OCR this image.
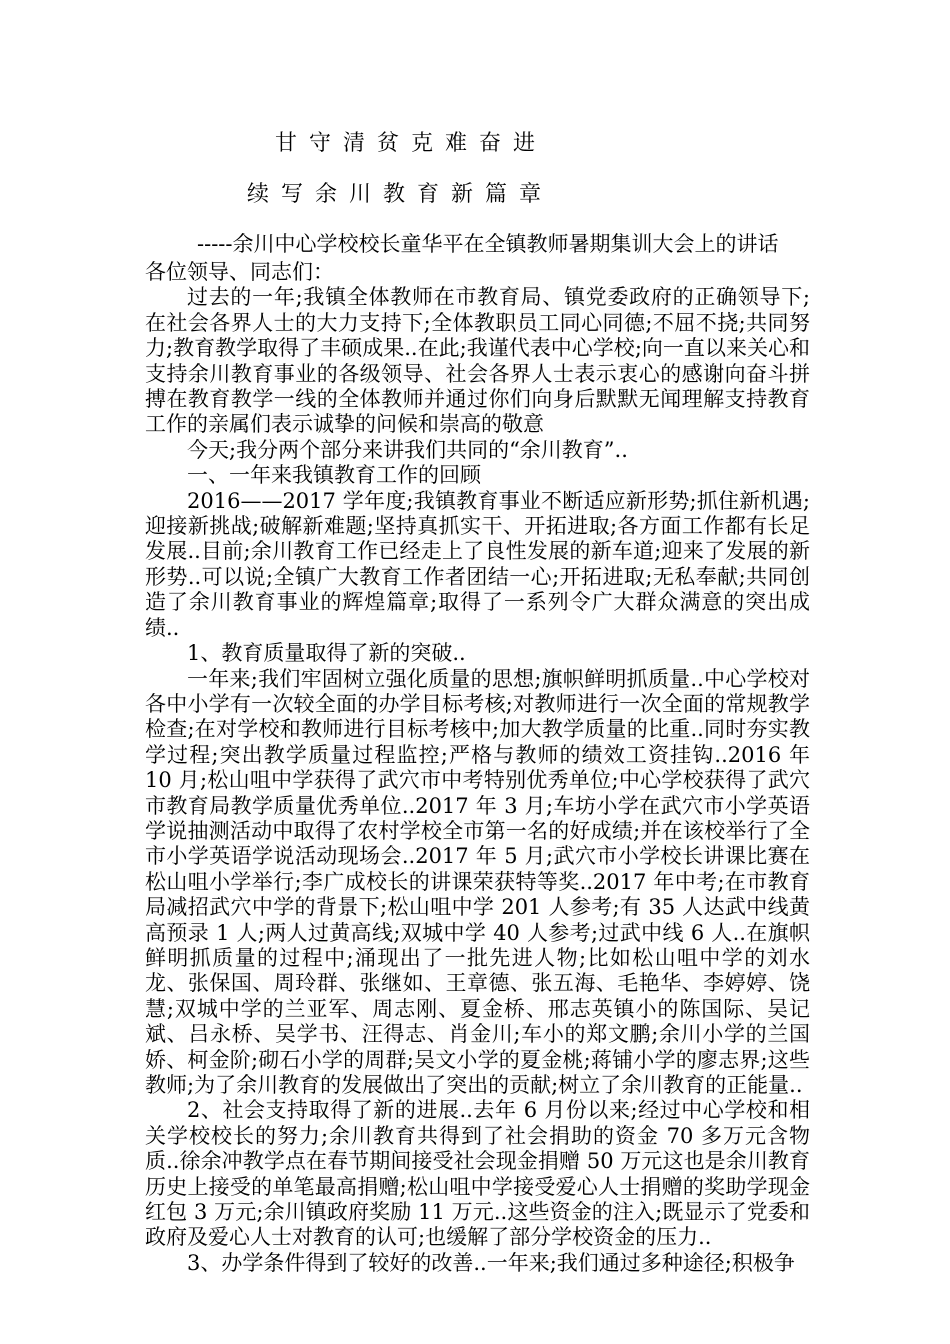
甘守清贫克难奋进
续写余川教育新篇章
-----余川中心学校校长童华平在全镇教师暑期集训大会上的讲话

各位领导、同志们：

过去的一年;我镇全体教师在市教育局、镇党委政府的正确领导下;在社会各界人士的大力支持下;全体教职员工同心同德;不屈不挠;共同努力;教育教学取得了丰硕成果..在此;我谨代表中心学校;向一直以来关心和支持余川教育事业的各级领导、社会各界人士表示衷心的感谢向奋斗拼搏在教育教学一线的全体教师并通过你们向身后默默无闻理解支持教育工作的亲属们表示诚挚的问候和崇高的敬意

今天;我分两个部分来讲我们共同的“余川教育”..

一、一年来我镇教育工作的回顾

2016——2017 学年度;我镇教育事业不断适应新形势;抓住新机遇;迎接新挑战;破解新难题;坚持真抓实干、开拓进取;各方面工作都有长足发展..目前;余川教育工作已经走上了良性发展的新车道;迎来了发展的新形势..可以说;全镇广大教育工作者团结一心;开拓进取;无私奉献;共同创造了余川教育事业的辉煌篇章;取得了一系列令广大群众满意的突出成绩..

1、教育质量取得了新的突破..

一年来;我们牢固树立强化质量的思想;旗帜鲜明抓质量..中心学校对各中小学有一次较全面的办学目标考核;对教师进行一次全面的常规教学检查;在对学校和教师进行目标考核中;加大教学质量的比重..同时夯实教学过程;突出教学质量过程监控;严格与教师的绩效工资挂钩..2016 年 10 月;松山咀中学获得了武穴市中考特别优秀单位;中心学校获得了武穴市教育局教学质量优秀单位..2017 年 3 月;车坊小学在武穴市小学英语学说抽测活动中取得了农村学校全市第一名的好成绩;并在该校举行了全市小学英语学说活动现场会..2017 年 5 月;武穴市小学校长讲课比赛在松山咀小学举行;李广成校长的讲课荣获特等奖..2017 年中考;在市教育局减招武穴中学的背景下;松山咀中学 201 人参考;有 35 人达武中线黄高预录 1 人;两人过黄高线;双城中学 40 人参考;过武中线 6 人..在旗帜鲜明抓质量的过程中;涌现出了一批先进人物;比如松山咀中学的刘水龙、张保国、周玲群、张继如、王章德、张五海、毛艳华、李婷婷、饶慧;双城中学的兰亚军、周志刚、夏金桥、邢志英镇小的陈国际、吴记斌、吕永桥、吴学书、汪得志、肖金川;车小的郑文鹏;余川小学的兰国娇、柯金阶;砌石小学的周群;吴文小学的夏金桃;蒋铺小学的廖志界;这些教师;为了余川教育的发展做出了突出的贡献;树立了余川教育的正能量..

2、社会支持取得了新的进展..去年 6 月份以来;经过中心学校和相关学校校长的努力;余川教育共得到了社会捐助的资金 70 多万元含物质..徐余冲教学点在春节期间接受社会现金捐赠 50 万元这也是余川教育历史上接受的单笔最高捐赠;松山咀中学接受爱心人士捐赠的奖助学现金红包 3 万元;余川镇政府奖励 11 万元..这些资金的注入;既显示了党委和政府及爱心人士对教育的认可;也缓解了部分学校资金的压力..

3、办学条件得到了较好的改善..一年来;我们通过多种途径;积极争
